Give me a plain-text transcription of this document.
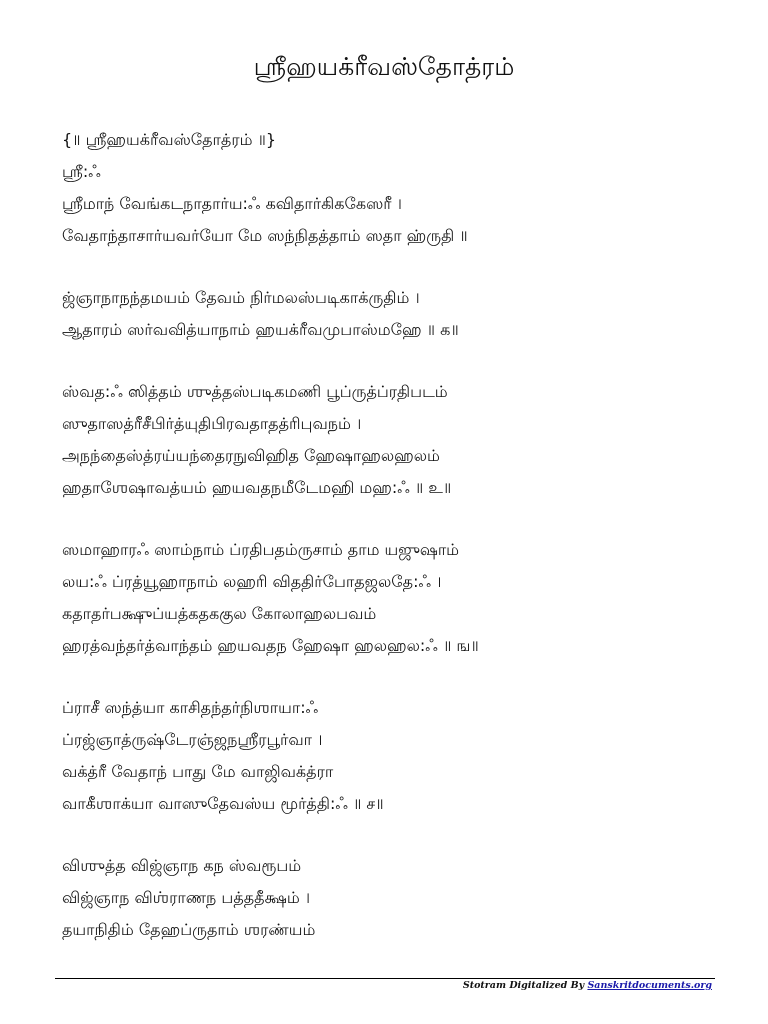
ஶ்ரீஹயக்ரீவஸ்தோத்ரம்
{॥ ஶ்ரீஹயக்ரீவஸ்தோத்ரம் ॥}
ஶ்ரீ:ஃ
ஶ்ரீமாந் வேங்கடநாதார்ய:ஃ கவிதார்கிககேஸரீ ।
வேதாந்தாசார்யவர்யோ மே ஸந்நிதத்தாம் ஸதா ஹ்ருதி ॥
ஜ்ஞாநாநந்தமயம் தேவம் நிர்மலஸ்படிகாக்ருதிம் ।
ஆதாரம் ஸர்வவித்யாநாம் ஹயக்ரீவமுபாஸ்மஹே ॥ க॥
ஸ்வத:ஃ ஸித்தம் ஶுத்தஸ்படிகமணி பூப்ருத்ப்ரதிபடம்
ஸுதாஸத்ரீசீபிர்த்யுதிபிரவதாதத்ரிபுவநம் ।
அநந்தைஸ்த்ரய்யந்தைரநுவிஹித ஹேஷாஹலஹலம்
ஹதாஶேஷாவத்யம் ஹயவதநமீடேமஹி மஹ:ஃ ॥ உ॥
ஸமாஹாரஃ ஸாம்நாம் ப்ரதிபதம்ருசாம் தாம யஜுஷாம்
லய:ஃ ப்ரத்யூஹாநாம் லஹரி விததிர்போதஜலதே:ஃ ।
கதாதர்பக்ஷுப்யத்கதககுல கோலாஹலபவம்
ஹரத்வந்தர்த்வாந்தம் ஹயவதந ஹேஷா ஹலஹல:ஃ ॥ ங॥
ப்ராசீ ஸந்த்யா காசிதந்தர்நிஶாயா:ஃ
ப்ரஜ்ஞாத்ருஷ்டேரஞ்ஜநஶ்ரீரபூர்வா ।
வக்த்ரீ வேதாந் பாது மே வாஜிவக்த்ரா
வாகீஶாக்யா வாஸுதேவஸ்ய மூர்த்தி:ஃ ॥ ச॥
விஶுத்த விஜ்ஞாந கந ஸ்வரூபம்
விஜ்ஞாந விஶ்ராணந பத்ததீக்ஷம் ।
தயாநிதிம் தேஹப்ருதாம் ஶரண்யம்
Stotram Digitalized By Sanskritdocuments.org
